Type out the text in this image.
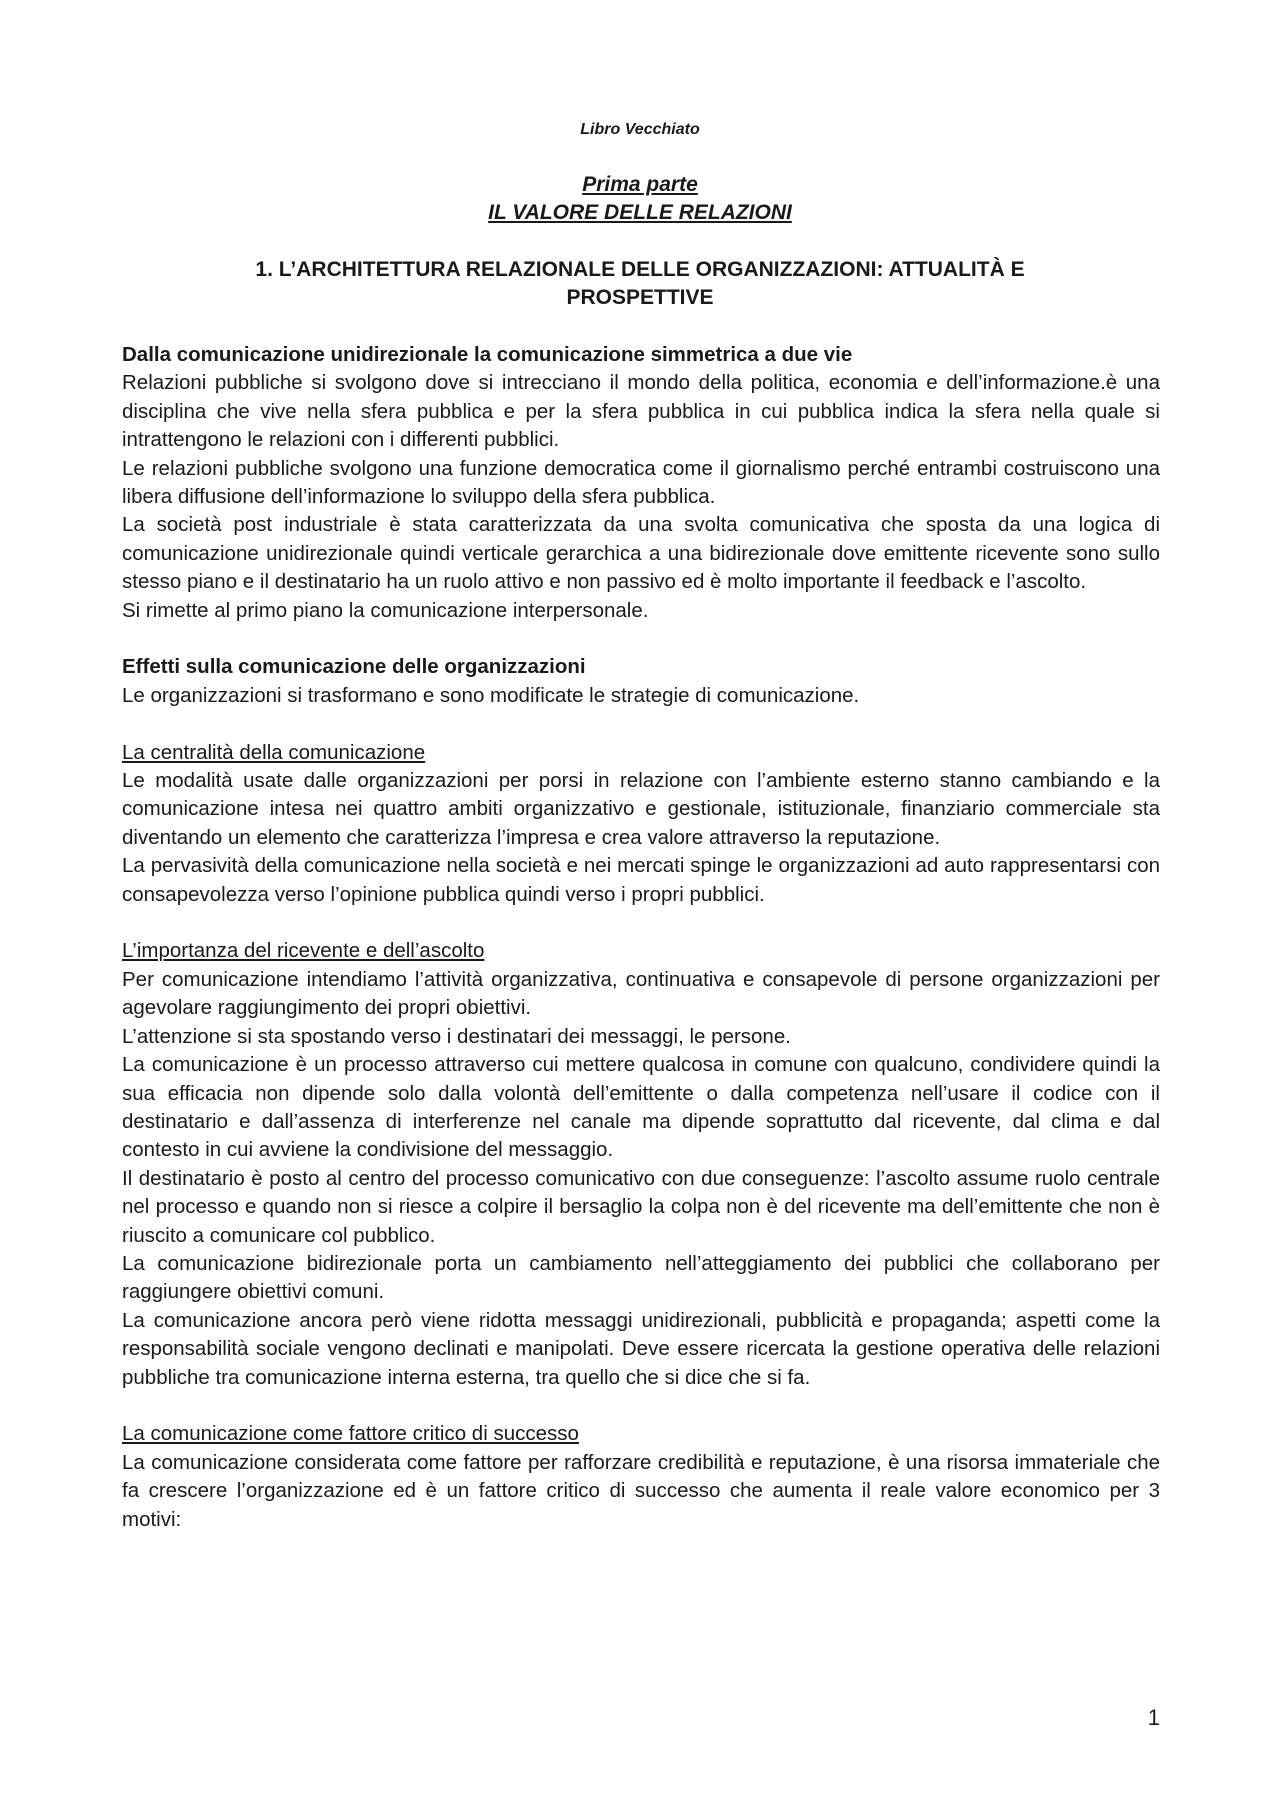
Libro Vecchiato
Prima parte
IL VALORE DELLE RELAZIONI
1. L’ARCHITETTURA RELAZIONALE DELLE ORGANIZZAZIONI: ATTUALITÀ E PROSPETTIVE
Dalla comunicazione unidirezionale la comunicazione simmetrica a due vie

Relazioni pubbliche si svolgono dove si intrecciano il mondo della politica, economia e dell’informazione.è una disciplina che vive nella sfera pubblica e per la sfera pubblica in cui pubblica indica la sfera nella quale si intrattengono le relazioni con i differenti pubblici.

Le relazioni pubbliche svolgono una funzione democratica come il giornalismo perché entrambi costruiscono una libera diffusione dell’informazione lo sviluppo della sfera pubblica.

La società post industriale è stata caratterizzata da una svolta comunicativa che sposta da una logica di comunicazione unidirezionale quindi verticale gerarchica a una bidirezionale dove emittente ricevente sono sullo stesso piano e il destinatario ha un ruolo attivo e non passivo ed è molto importante il feedback e l’ascolto.

Si rimette al primo piano la comunicazione interpersonale.

Effetti sulla comunicazione delle organizzazioni

Le organizzazioni si trasformano e sono modificate le strategie di comunicazione.

La centralità della comunicazione

Le modalità usate dalle organizzazioni per porsi in relazione con l’ambiente esterno stanno cambiando e la comunicazione intesa nei quattro ambiti organizzativo e gestionale, istituzionale, finanziario commerciale sta diventando un elemento che caratterizza l’impresa e crea valore attraverso la reputazione.

La pervasività della comunicazione nella società e nei mercati spinge le organizzazioni ad auto rappresentarsi con consapevolezza verso l’opinione pubblica quindi verso i propri pubblici.

L’importanza del ricevente e dell’ascolto

Per comunicazione intendiamo l’attività organizzativa, continuativa e consapevole di persone organizzazioni per agevolare raggiungimento dei propri obiettivi.

L’attenzione si sta spostando verso i destinatari dei messaggi, le persone.

La comunicazione è un processo attraverso cui mettere qualcosa in comune con qualcuno, condividere quindi la sua efficacia non dipende solo dalla volontà dell’emittente o dalla competenza nell’usare il codice con il destinatario e dall’assenza di interferenze nel canale ma dipende soprattutto dal ricevente, dal clima e dal contesto in cui avviene la condivisione del messaggio.

Il destinatario è posto al centro del processo comunicativo con due conseguenze: l’ascolto assume ruolo centrale nel processo e quando non si riesce a colpire il bersaglio la colpa non è del ricevente ma dell’emittente che non è riuscito a comunicare col pubblico.

La comunicazione bidirezionale porta un cambiamento nell’atteggiamento dei pubblici che collaborano per raggiungere obiettivi comuni.

La comunicazione ancora però viene ridotta messaggi unidirezionali, pubblicità e propaganda; aspetti come la responsabilità sociale vengono declinati e manipolati. Deve essere ricercata la gestione operativa delle relazioni pubbliche tra comunicazione interna esterna, tra quello che si dice che si fa.

La comunicazione come fattore critico di successo

La comunicazione considerata come fattore per rafforzare credibilità e reputazione, è una risorsa immateriale che fa crescere l’organizzazione ed è un fattore critico di successo che aumenta il reale valore economico per 3 motivi:

1
